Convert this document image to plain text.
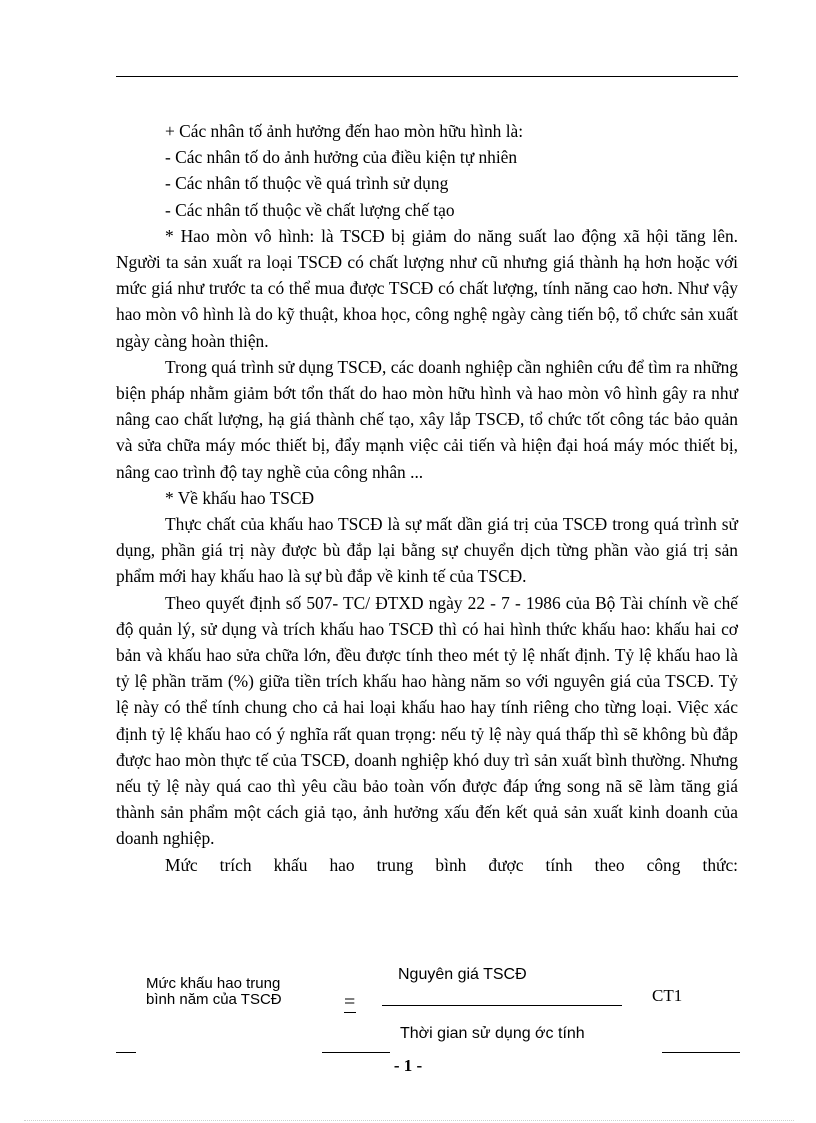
+ Các nhân tố ảnh hưởng đến hao mòn hữu hình là:

- Các nhân tố do ảnh hưởng của điều kiện tự nhiên

- Các nhân tố thuộc về quá trình sử dụng

- Các nhân tố thuộc về chất lượng chế tạo

* Hao mòn vô hình: là TSCĐ bị giảm do năng suất lao động xã hội tăng lên. Người ta sản xuất ra loại TSCĐ có chất lượng như cũ nhưng giá thành hạ hơn hoặc với mức giá như trước ta có thể mua được TSCĐ có chất lượng, tính năng cao hơn. Như vậy hao mòn vô hình là do kỹ thuật, khoa học, công nghệ ngày càng tiến bộ, tổ chức sản xuất ngày càng hoàn thiện.

Trong quá trình sử dụng TSCĐ, các doanh nghiệp cần nghiên cứu để tìm ra những biện pháp nhằm giảm bớt tổn thất do hao mòn hữu hình và hao mòn vô hình gây ra như nâng cao chất lượng, hạ giá thành chế tạo, xây lắp TSCĐ, tổ chức tốt công tác bảo quản và sửa chữa máy móc thiết bị, đẩy mạnh việc cải tiến và hiện đại hoá máy móc thiết bị, nâng cao trình độ tay nghề của công nhân ...

* Về khấu hao TSCĐ

Thực chất của khấu hao TSCĐ là sự mất dần giá trị của TSCĐ trong quá trình sử dụng, phần giá trị này được bù đắp lại bằng sự chuyển dịch từng phần vào giá trị sản phẩm mới hay khấu hao là sự bù đắp về kinh tế của TSCĐ.

Theo quyết định số 507- TC/ ĐTXD ngày 22 - 7 - 1986 của Bộ Tài chính về chế độ quản lý, sử dụng và trích khấu hao TSCĐ thì có hai hình thức khấu hao: khấu hai cơ bản và khấu hao sửa chữa lớn, đều được tính theo mét tỷ lệ nhất định. Tỷ lệ khấu hao là tỷ lệ phần trăm (%) giữa tiền trích khấu hao hàng năm so với nguyên giá của TSCĐ. Tỷ lệ này có thể tính chung cho cả hai loại khấu hao hay tính riêng cho từng loại. Việc xác định tỷ lệ khấu hao có ý nghĩa rất quan trọng: nếu tỷ lệ này quá thấp thì sẽ không bù đắp được hao mòn thực tế của TSCĐ, doanh nghiệp khó duy trì sản xuất bình thường. Nhưng nếu tỷ lệ này quá cao thì yêu cầu bảo toàn vốn được đáp ứng song nã sẽ làm tăng giá thành sản phẩm một cách giả tạo, ảnh hưởng xấu đến kết quả sản xuất kinh doanh của doanh nghiệp.

Mức trích khấu hao trung bình được tính theo công thức:

Mức khấu hao trung
bình năm của TSCĐ	=
Nguyên giá TSCĐ
Thời gian sử dụng ớc tính
CT1
- 1 -
